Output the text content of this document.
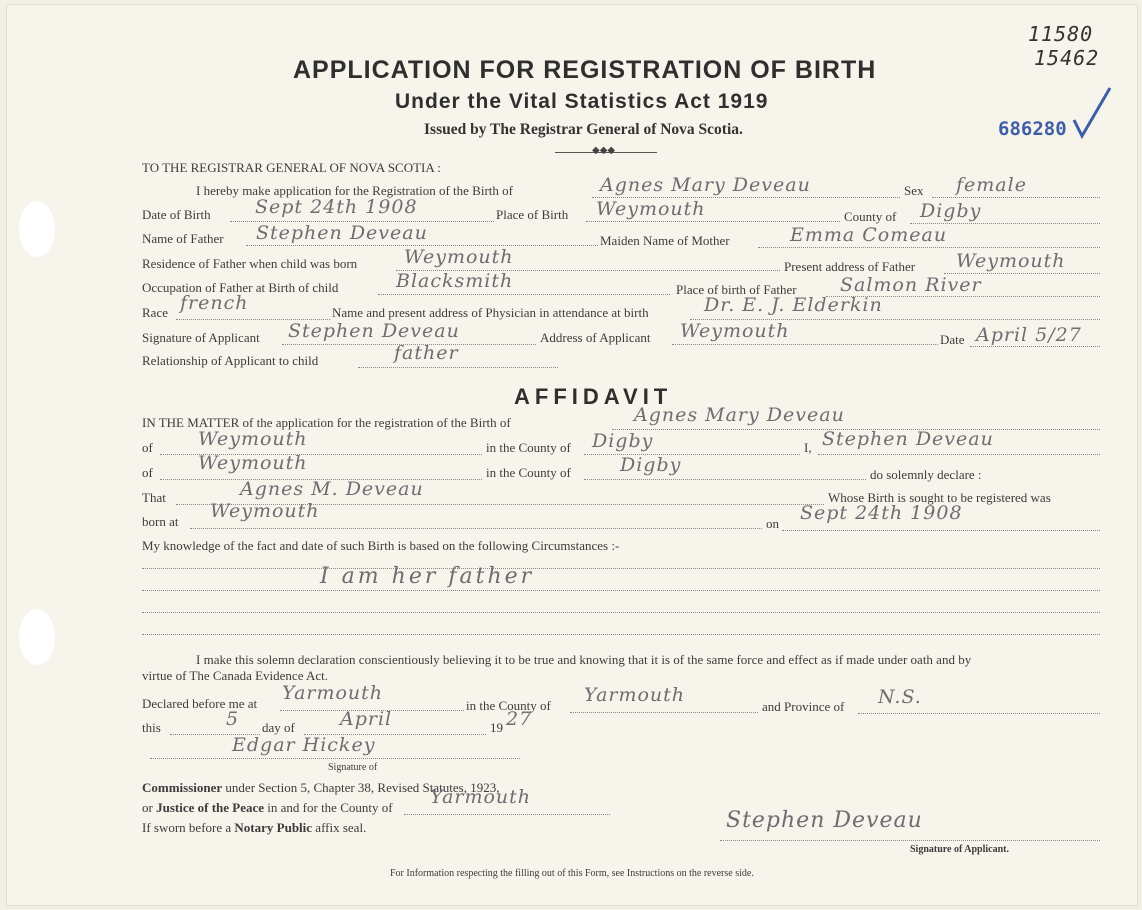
11580
15462
686280
APPLICATION FOR REGISTRATION OF BIRTH
Under the Vital Statistics Act 1919
Issued by The Registrar General of Nova Scotia.
◆◆◆
TO THE REGISTRAR GENERAL OF NOVA SCOTIA :
I hereby make application for the Registration of the Birth of	Agnes Mary Deveau	Sex female
Date of Birth Sept 24th 1908	Place of Birth Weymouth	County of Digby
Name of Father Stephen Deveau	Maiden Name of Mother	Emma Comeau
Residence of Father when child was born Weymouth	Present address of Father Weymouth
Occupation of Father at Birth of child	Blacksmith	Place of birth of Father Salmon River
Race french	Name and present address of Physician in attendance at birth	Dr. E. J. Elderkin
Signature of Applicant Stephen Deveau	Address of Applicant Weymouth	Date April 5/27
Relationship of Applicant to child	father
AFFIDAVIT
IN THE MATTER of the application for the registration of the Birth of	Agnes Mary Deveau
of Weymouth	in the County of Digby	I, Stephen Deveau
of Weymouth	in the County of	Digby	do solemnly declare :
That	Agnes M. Deveau	Whose Birth is sought to be registered was
born at Weymouth
on Sept 24th 1908
My knowledge of the fact and date of such Birth is based on the following Circumstances :-
I am her father
I make this solemn declaration conscientiously believing it to be true and knowing that it is of the same force and effect as if made under oath and by
virtue of The Canada Evidence Act.
Declared before me at Yarmouth
in the County of Yarmouth
and Province of N.S.
this	5 day of April	19 27
Edgar Hickey
Signature of
Commissioner under Section 5, Chapter 38, Revised Statutes, 1923,
or Justice of the Peace in and for the County of Yarmouth
If sworn before a Notary Public affix seal.	Stephen Deveau
Signature of Applicant.
For Information respecting the filling out of this Form, see Instructions on the reverse side.
